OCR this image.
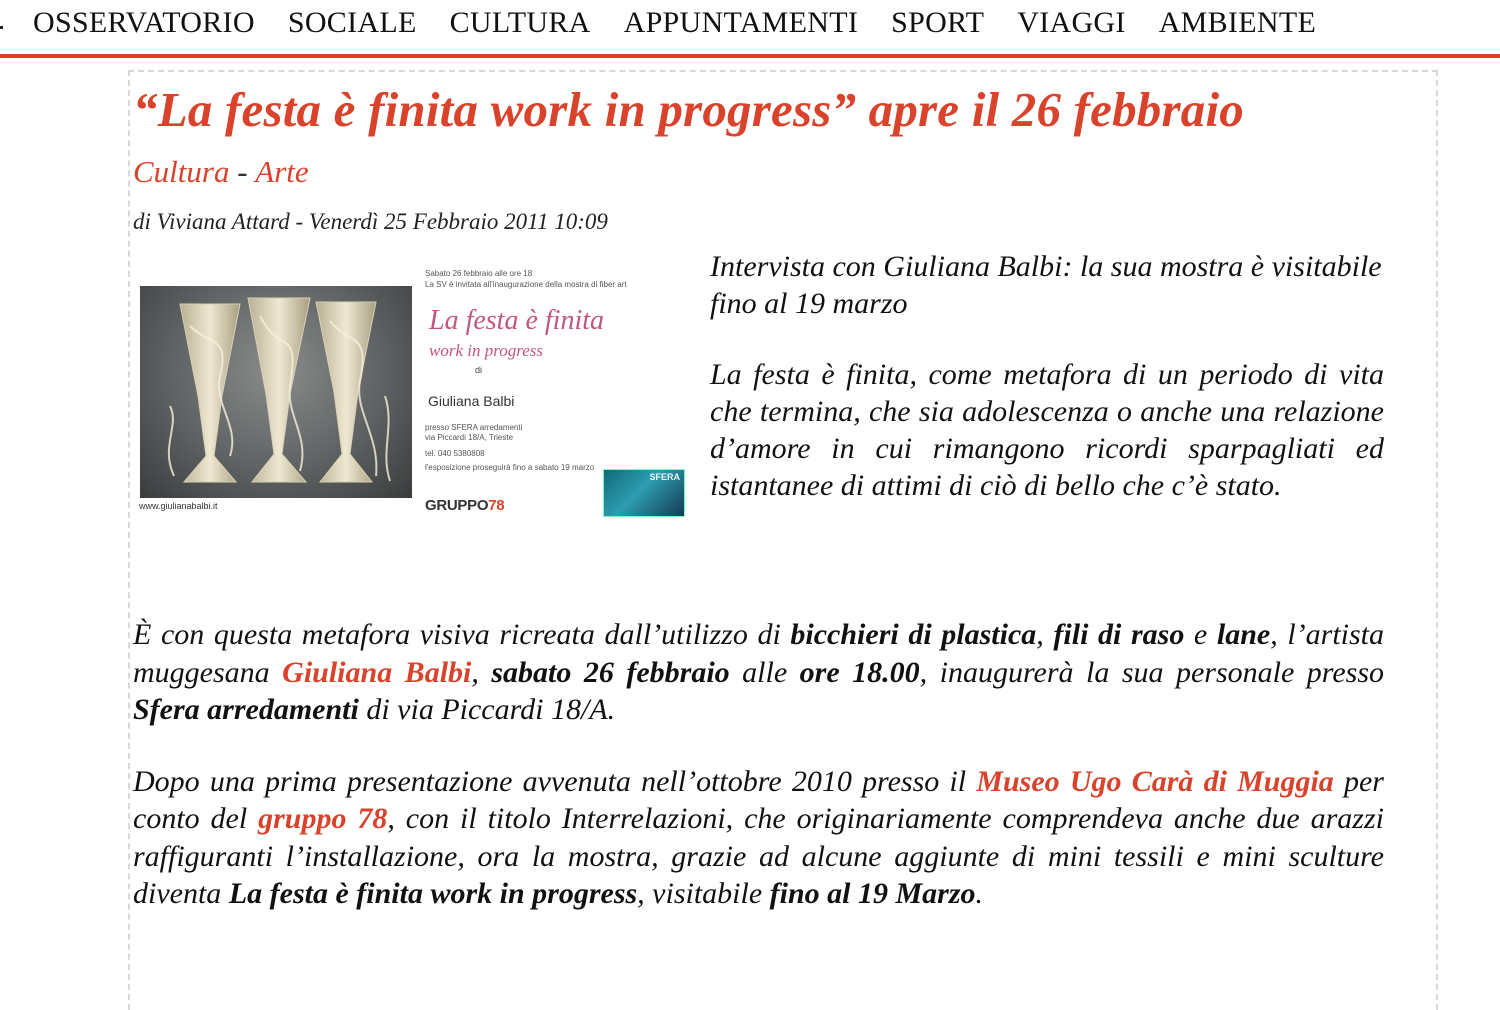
OSSERVATORIO SOCIALE CULTURA APPUNTAMENTI SPORT VIAGGI AMBIENTE
“La festa è finita work in progress” apre il 26 febbraio
Cultura - Arte
di Viviana Attard - Venerdì 25 Febbraio 2011 10:09
www.giulianabalbi.it
Sabato 26 febbraio alle ore 18
La SV è invitata all'inaugurazione della mostra di fiber art
La festa è finita
work in progress
di
Giuliana Balbi
presso SFERA arredamenti
via Piccardi 18/A, Trieste
tel. 040 5380808
l'esposizione proseguirà fino a sabato 19 marzo
GRUPPO78
SFERA

Intervista con Giuliana Balbi: la sua mostra è visitabile fino al 19 marzo

La festa è finita, come metafora di un periodo di vita che termina, che sia adolescenza o anche una relazione d’amore in cui rimangono ricordi sparpagliati ed istantanee di attimi di ciò di bello che c’è stato.

È con questa metafora visiva ricreata dall’utilizzo di bicchieri di plastica, fili di raso e lane, l’artista muggesana Giuliana Balbi, sabato 26 febbraio alle ore 18.00, inaugurerà la sua personale presso Sfera arredamenti di via Piccardi 18/A.

Dopo una prima presentazione avvenuta nell’ottobre 2010 presso il Museo Ugo Carà di Muggia per conto del gruppo 78, con il titolo Interrelazioni, che originariamente comprendeva anche due arazzi raffiguranti l’installazione, ora la mostra, grazie ad alcune aggiunte di mini tessili e mini sculture diventa La festa è finita work in progress, visitabile fino al 19 Marzo.
